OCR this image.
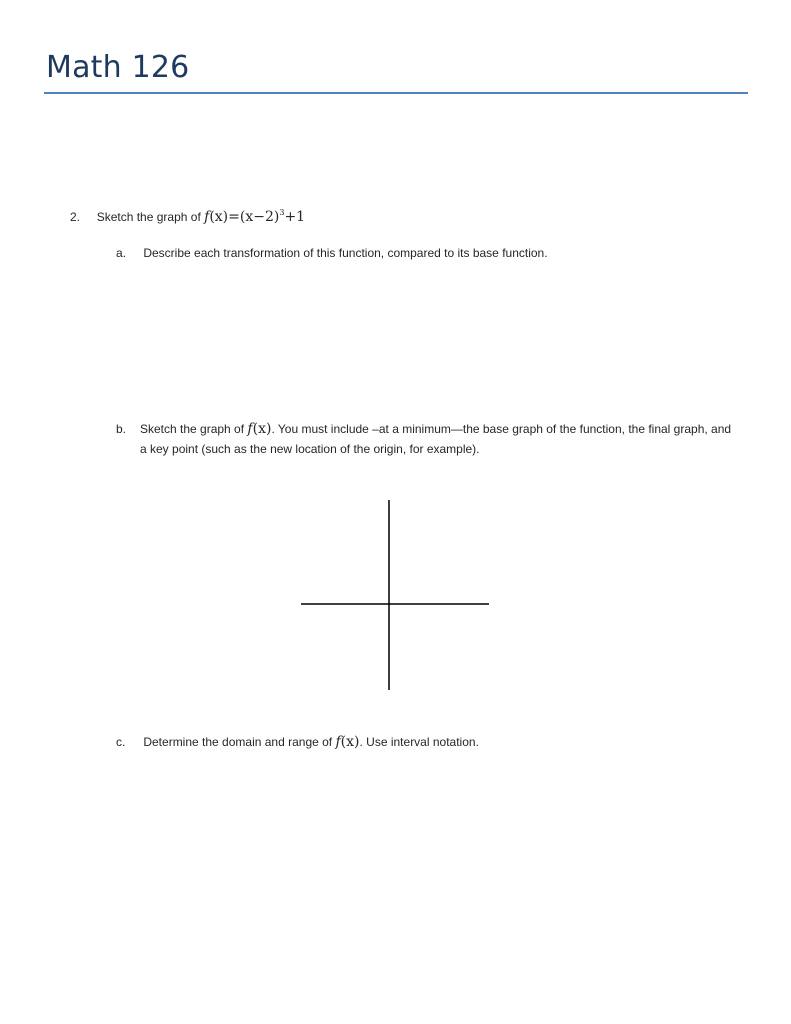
Math 126
2. Sketch the graph of $f(x)=(x-2)^3+1$
a. Describe each transformation of this function, compared to its base function.
b. Sketch the graph of f(x). You must include –at a minimum—the base graph of the function, the final graph, and a key point (such as the new location of the origin, for example).
c. Determine the domain and range of f(x). Use interval notation.
